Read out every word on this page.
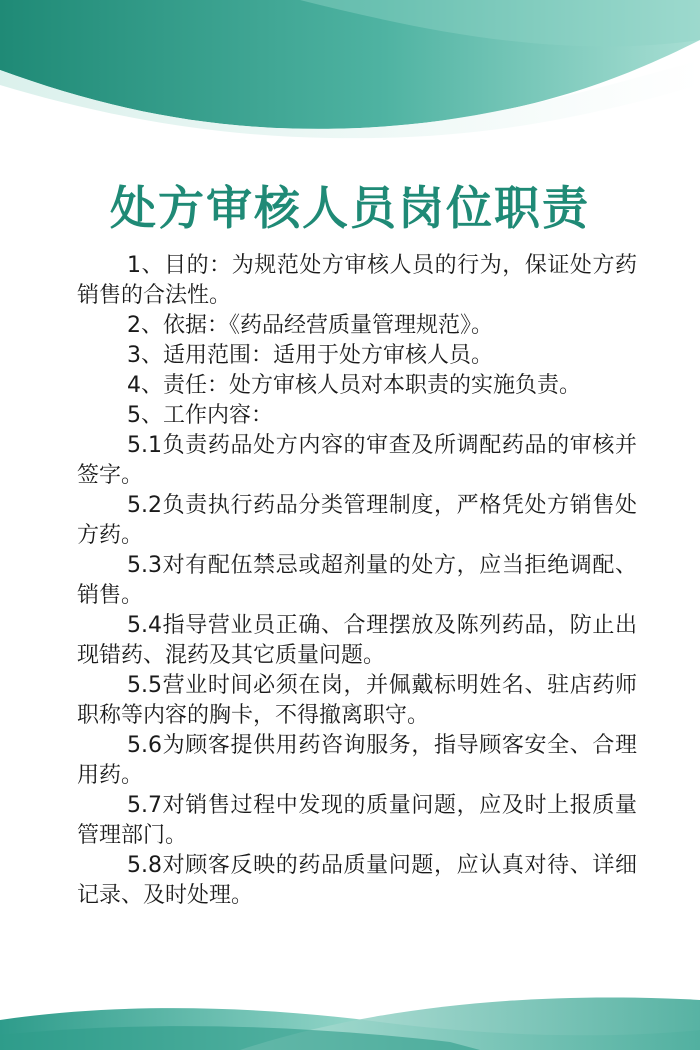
处方审核人员岗位职责

1、目的：为规范处方审核人员的行为，保证处方药销售的合法性。

2、依据：《药品经营质量管理规范》。

3、适用范围：适用于处方审核人员。

4、责任：处方审核人员对本职责的实施负责。

5、工作内容：

5.1负责药品处方内容的审查及所调配药品的审核并签字。

5.2负责执行药品分类管理制度，严格凭处方销售处方药。

5.3对有配伍禁忌或超剂量的处方，应当拒绝调配、销售。

5.4指导营业员正确、合理摆放及陈列药品，防止出现错药、混药及其它质量问题。

5.5营业时间必须在岗，并佩戴标明姓名、驻店药师职称等内容的胸卡，不得撤离职守。

5.6为顾客提供用药咨询服务，指导顾客安全、合理用药。

5.7对销售过程中发现的质量问题，应及时上报质量管理部门。

5.8对顾客反映的药品质量问题，应认真对待、详细记录、及时处理。
